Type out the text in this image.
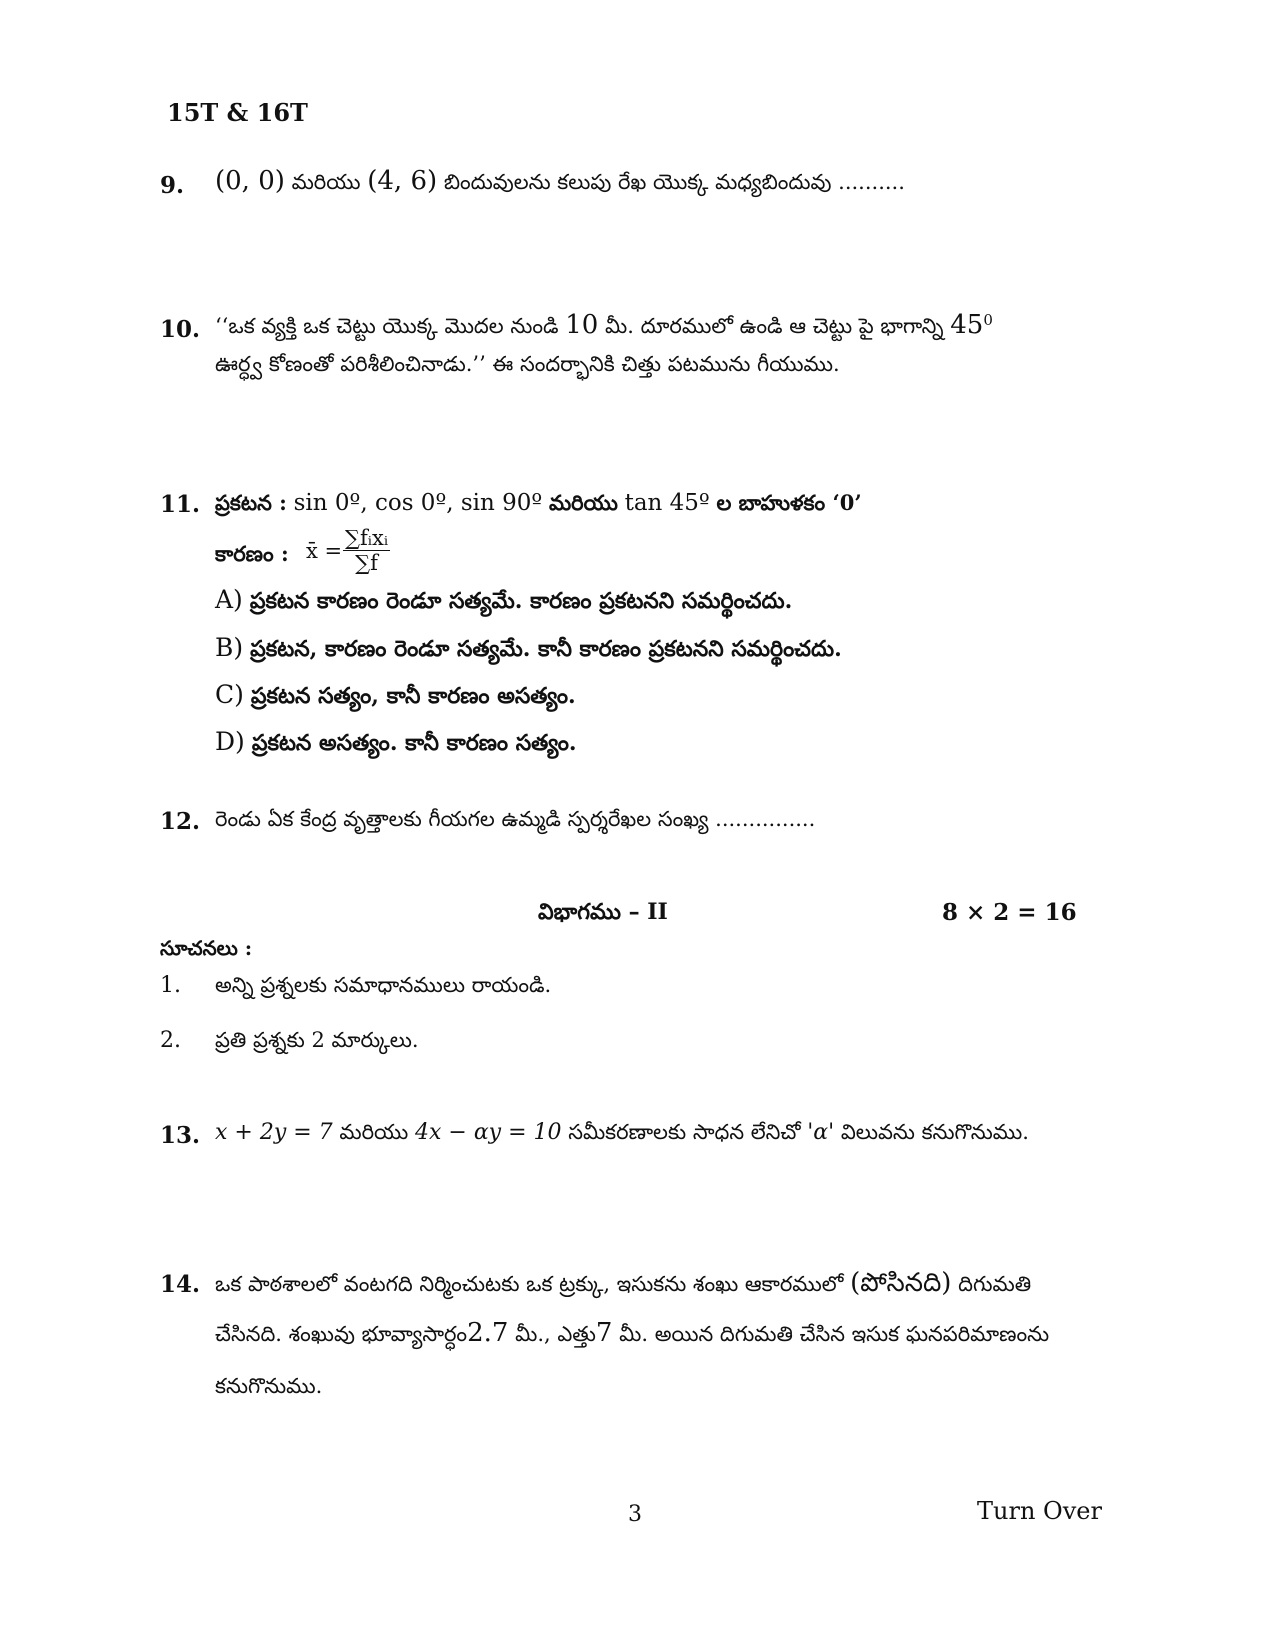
15T & 16T
9. (0, 0) మరియు (4, 6) బిందువులను కలుపు రేఖ యొక్క మధ్యబిందువు ..........
10. ‘‘ఒక వ్యక్తి ఒక చెట్టు యొక్క మొదల నుండి 10 మీ. దూరములో ఉండి ఆ చెట్టు పై భాగాన్ని $45^0$
ఊర్ధ్వ కోణంతో పరిశీలించినాడు.’’ ఈ సందర్భానికి చిత్తు పటమును గీయుము.
11. ప్రకటన : sin 0º, cos 0º, sin 90º మరియు tan 45º ల బాహుళకం ‘0’
కారణం : x̄ =
∑fᵢxᵢ
∑f
A) ప్రకటన కారణం రెండూ సత్యమే. కారణం ప్రకటనని సమర్థించదు.
B) ప్రకటన, కారణం రెండూ సత్యమే. కానీ కారణం ప్రకటనని సమర్థించదు.
C) ప్రకటన సత్యం, కానీ కారణం అసత్యం.
D) ప్రకటన అసత్యం. కానీ కారణం సత్యం.
12. రెండు ఏక కేంద్ర వృత్తాలకు గీయగల ఉమ్మడి స్పర్శరేఖల సంఖ్య ...............
విభాగము – II	8 × 2 = 16
సూచనలు :
1. అన్ని ప్రశ్నలకు సమాధానములు రాయండి.
2. ప్రతి ప్రశ్నకు 2 మార్కులు.
13. x + 2y = 7 మరియు 4x − αy = 10 సమీకరణాలకు సాధన లేనిచో 'α' విలువను కనుగొనుము.
14. ఒక పాఠశాలలో వంటగది నిర్మించుటకు ఒక ట్రక్కు, ఇసుకను శంఖు ఆకారములో (పోసినది) దిగుమతి
చేసినది. శంఖువు భూవ్యాసార్ధం2.7 మీ., ఎత్తు7 మీ. అయిన దిగుమతి చేసిన ఇసుక ఘనపరిమాణంను
కనుగొనుము.
3	Turn Over
